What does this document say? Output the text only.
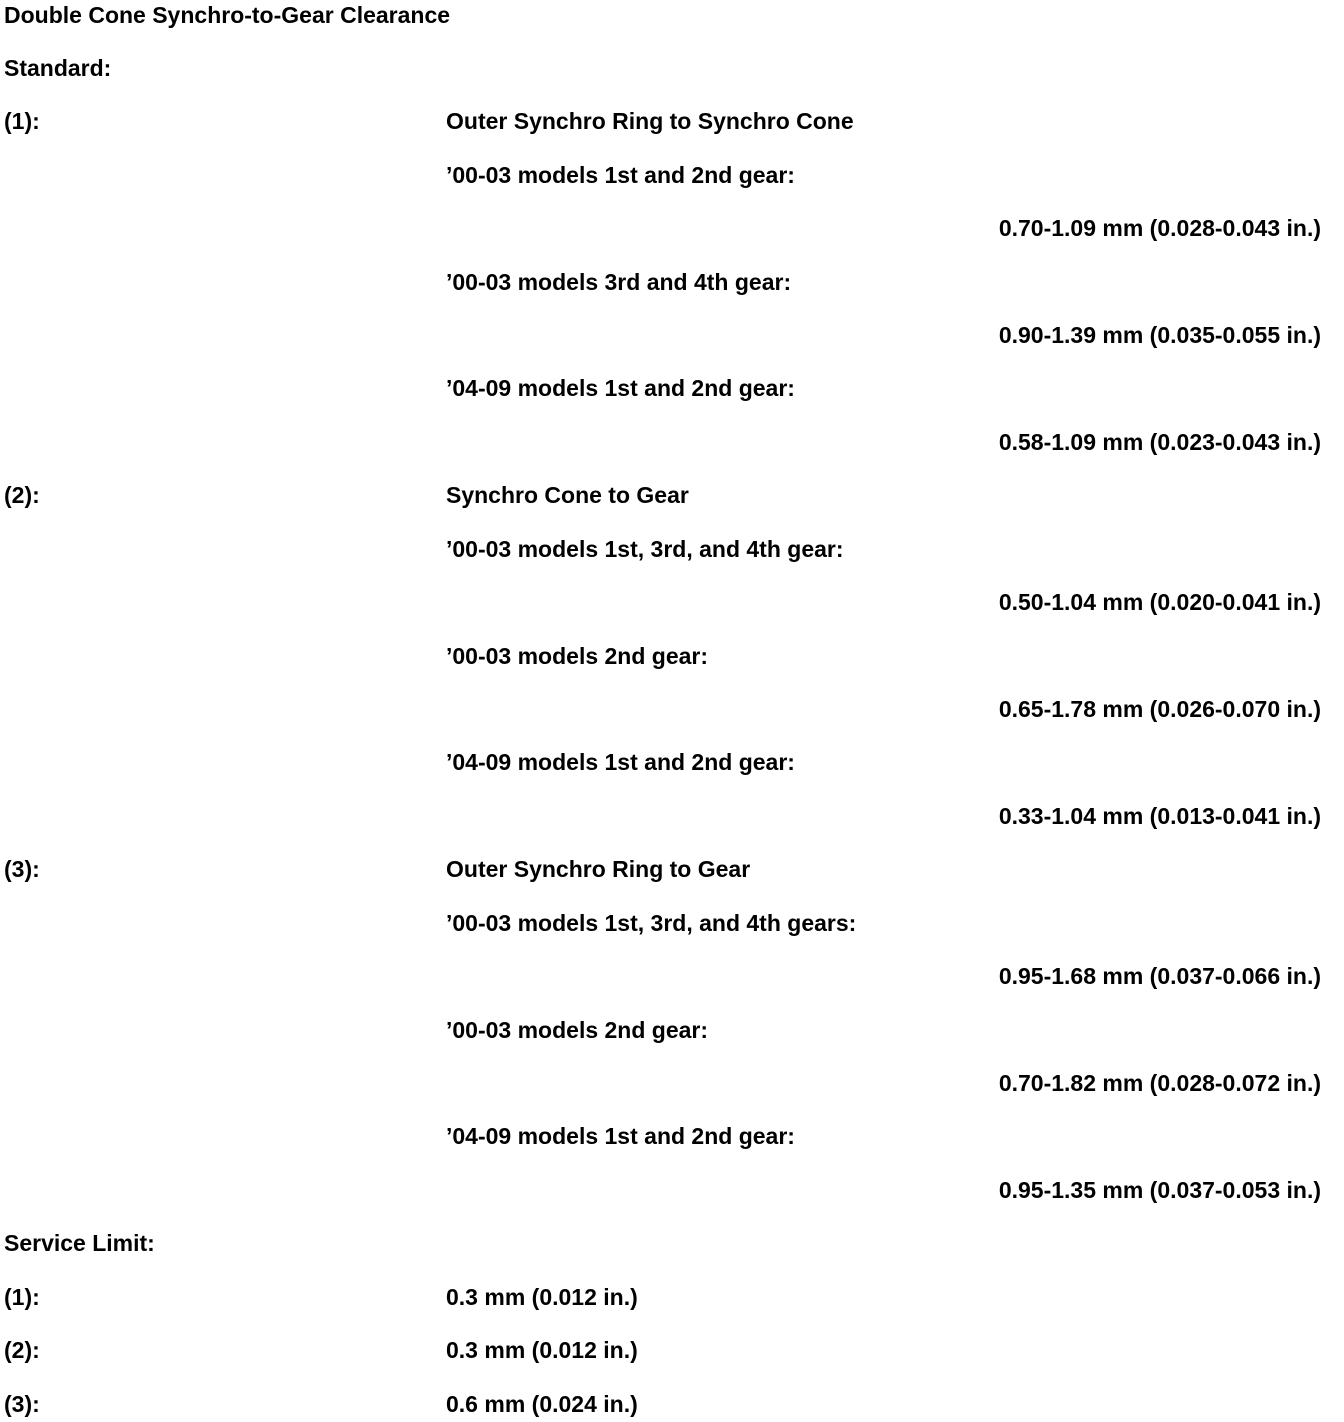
Double Cone Synchro-to-Gear Clearance
Standard:
(1):	Outer Synchro Ring to Synchro Cone
’00-03 models 1st and 2nd gear:
0.70-1.09 mm (0.028-0.043 in.)
’00-03 models 3rd and 4th gear:
0.90-1.39 mm (0.035-0.055 in.)
’04-09 models 1st and 2nd gear:
0.58-1.09 mm (0.023-0.043 in.)
(2):	Synchro Cone to Gear
’00-03 models 1st, 3rd, and 4th gear:
0.50-1.04 mm (0.020-0.041 in.)
’00-03 models 2nd gear:
0.65-1.78 mm (0.026-0.070 in.)
’04-09 models 1st and 2nd gear:
0.33-1.04 mm (0.013-0.041 in.)
(3):	Outer Synchro Ring to Gear
’00-03 models 1st, 3rd, and 4th gears:
0.95-1.68 mm (0.037-0.066 in.)
’00-03 models 2nd gear:
0.70-1.82 mm (0.028-0.072 in.)
’04-09 models 1st and 2nd gear:
0.95-1.35 mm (0.037-0.053 in.)
Service Limit:
(1):	0.3 mm (0.012 in.)
(2):	0.3 mm (0.012 in.)
(3):	0.6 mm (0.024 in.)
